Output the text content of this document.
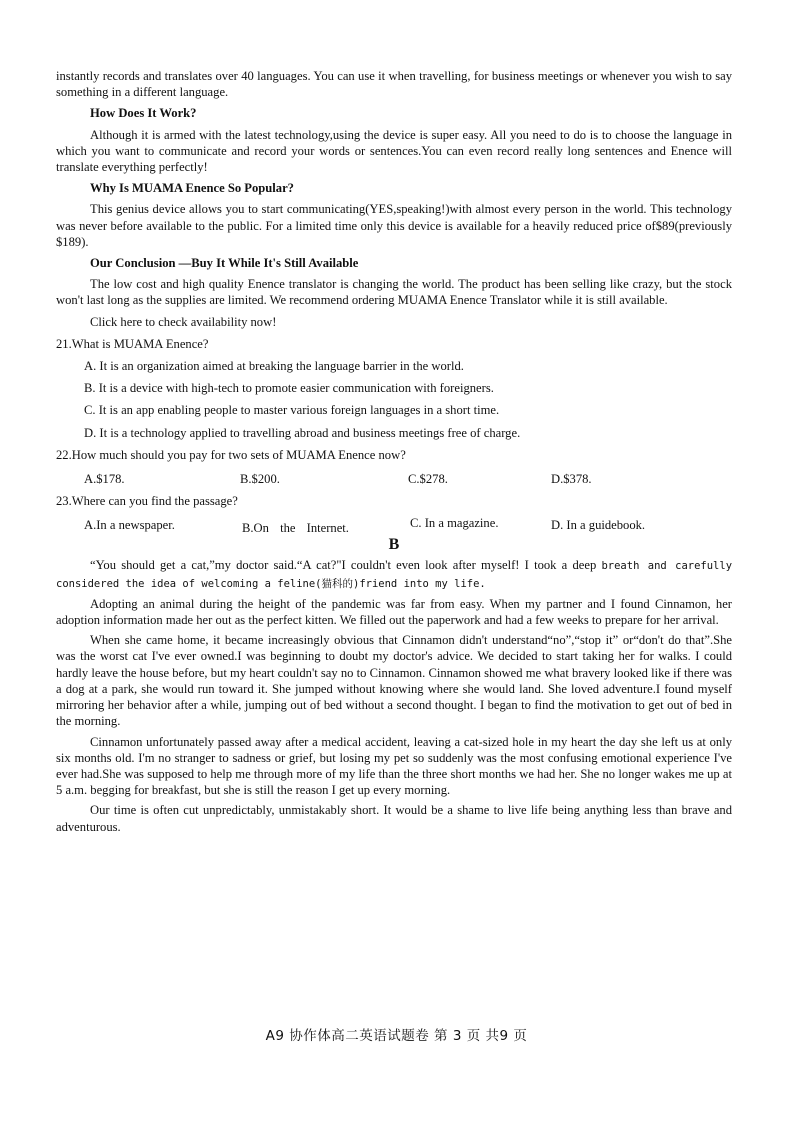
instantly records and translates over 40 languages. You can use it when travelling, for business meetings or whenever you wish to say something in a different language.

How Does It Work?

Although it is armed with the latest technology,using the device is super easy. All you need to do is to choose the language in which you want to communicate and record your words or sentences.You can even record really long sentences and Enence will translate everything perfectly!

Why Is MUAMA Enence So Popular?

This genius device allows you to start communicating(YES,speaking!)with almost every person in the world. This technology was never before available to the public. For a limited time only this device is available for a heavily reduced price of$89(previously $189).

Our Conclusion —Buy It While It's Still Available

The low cost and high quality Enence translator is changing the world. The product has been selling like crazy, but the stock won't last long as the supplies are limited. We recommend ordering MUAMA Enence Translator while it is still available.

Click here to check availability now!

21.What is MUAMA Enence?

A. It is an organization aimed at breaking the language barrier in the world.

B. It is a device with high-tech to promote easier communication with foreigners.

C. It is an app enabling people to master various foreign languages in a short time.

D. It is a technology applied to travelling abroad and business meetings free of charge.

22.How much should you pay for two sets of MUAMA Enence now?

A.$178.	B.$200.	C.$278.	D.$378.

23.Where can you find the passage?

A.In a newspaper.	B.On the Internet.	C. In a magazine.	D. In a guidebook.

B

“You should get a cat,”my doctor said.“A cat?"I couldn't even look after myself! I took a deep breath and carefully considered the idea of welcoming a feline(猫科的)friend into my life.

Adopting an animal during the height of the pandemic was far from easy. When my partner and I found Cinnamon, her adoption information made her out as the perfect kitten. We filled out the paperwork and had a few weeks to prepare for her arrival.

When she came home, it became increasingly obvious that Cinnamon didn't understand“no”,“stop it” or“don't do that”.She was the worst cat I've ever owned.I was beginning to doubt my doctor's advice. We decided to start taking her for walks. I could hardly leave the house before, but my heart couldn't say no to Cinnamon. Cinnamon showed me what bravery looked like if there was a dog at a park, she would run toward it. She jumped without knowing where she would land. She loved adventure.I found myself mirroring her behavior after a while, jumping out of bed without a second thought. I began to find the motivation to get out of bed in the morning.

Cinnamon unfortunately passed away after a medical accident, leaving a cat-sized hole in my heart the day she left us at only six months old. I'm no stranger to sadness or grief, but losing my pet so suddenly was the most confusing emotional experience I've ever had.She was supposed to help me through more of my life than the three short months we had her. She no longer wakes me up at 5 a.m. begging for breakfast, but she is still the reason I get up every morning.

Our time is often cut unpredictably, unmistakably short. It would be a shame to live life being anything less than brave and adventurous.

A9 协作体高二英语试题卷 第 3 页 共9 页
